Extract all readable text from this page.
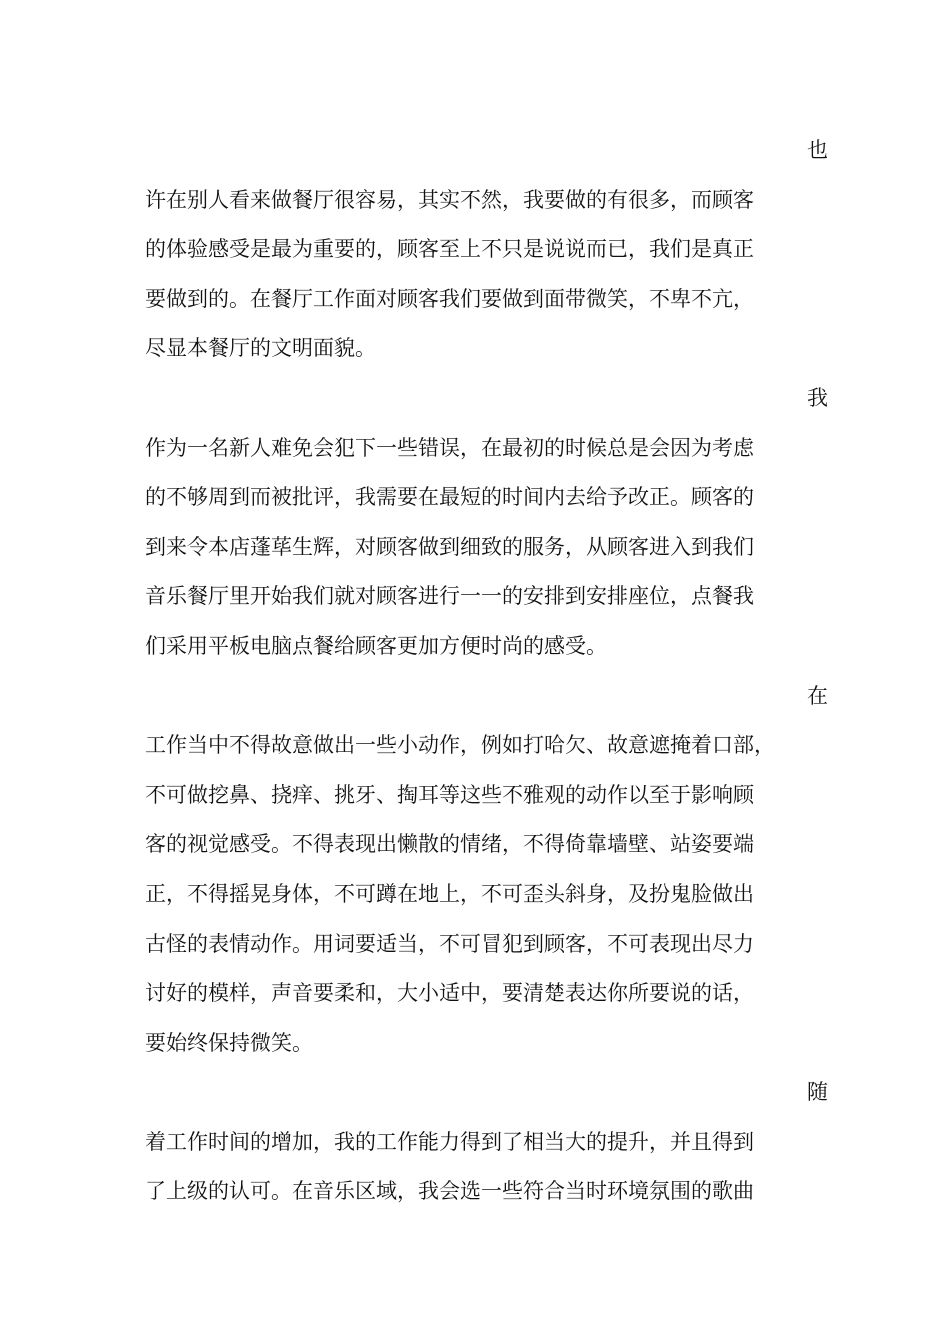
也
许在别人看来做餐厅很容易，其实不然，我要做的有很多，而顾客
的体验感受是最为重要的，顾客至上不只是说说而已，我们是真正
要做到的。在餐厅工作面对顾客我们要做到面带微笑，不卑不亢，
尽显本餐厅的文明面貌。
我
作为一名新人难免会犯下一些错误，在最初的时候总是会因为考虑
的不够周到而被批评，我需要在最短的时间内去给予改正。顾客的
到来令本店蓬荜生辉，对顾客做到细致的服务，从顾客进入到我们
音乐餐厅里开始我们就对顾客进行一一的安排到安排座位，点餐我
们采用平板电脑点餐给顾客更加方便时尚的感受。
在
工作当中不得故意做出一些小动作，例如打哈欠、故意遮掩着口部，
不可做挖鼻、挠痒、挑牙、掏耳等这些不雅观的动作以至于影响顾
客的视觉感受。不得表现出懒散的情绪，不得倚靠墙壁、站姿要端
正，不得摇晃身体，不可蹲在地上，不可歪头斜身，及扮鬼脸做出
古怪的表情动作。用词要适当，不可冒犯到顾客，不可表现出尽力
讨好的模样，声音要柔和，大小适中，要清楚表达你所要说的话，
要始终保持微笑。
随
着工作时间的增加，我的工作能力得到了相当大的提升，并且得到
了上级的认可。在音乐区域，我会选一些符合当时环境氛围的歌曲
